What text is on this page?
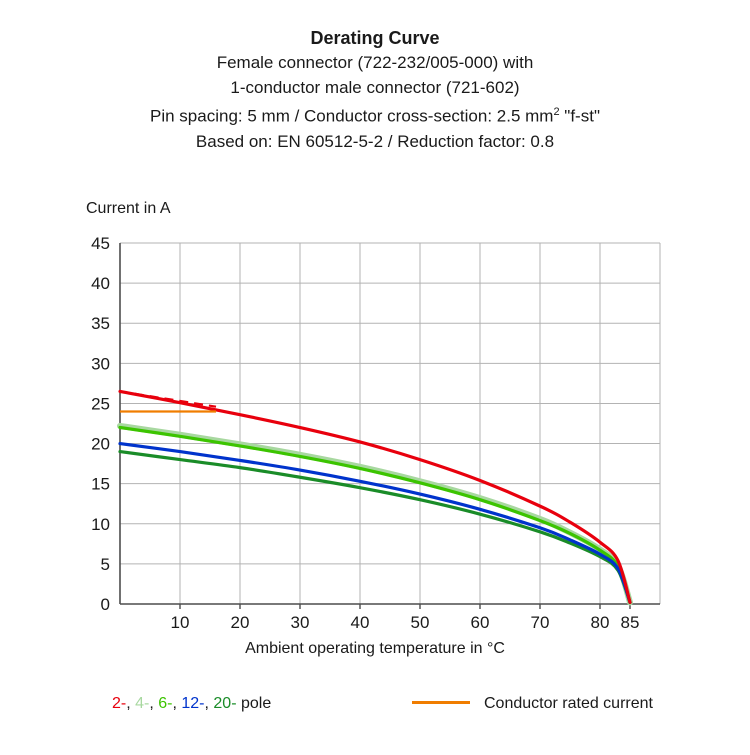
Derating Curve
Female connector (722-232/005-000) with
1-conductor male connector (721-602)
Pin spacing: 5 mm / Conductor cross-section: 2.5 $mm^2$ "f-st"
Based on: EN 60512-5-2 / Reduction factor: 0.8
Current in A
Ambient operating temperature in °C
0
5
10
15
20
25
30
35
40
45
10 20 30 40 50 60 70 80 85
2-, 4-, 6-, 12-, 20- pole	Conductor rated current
